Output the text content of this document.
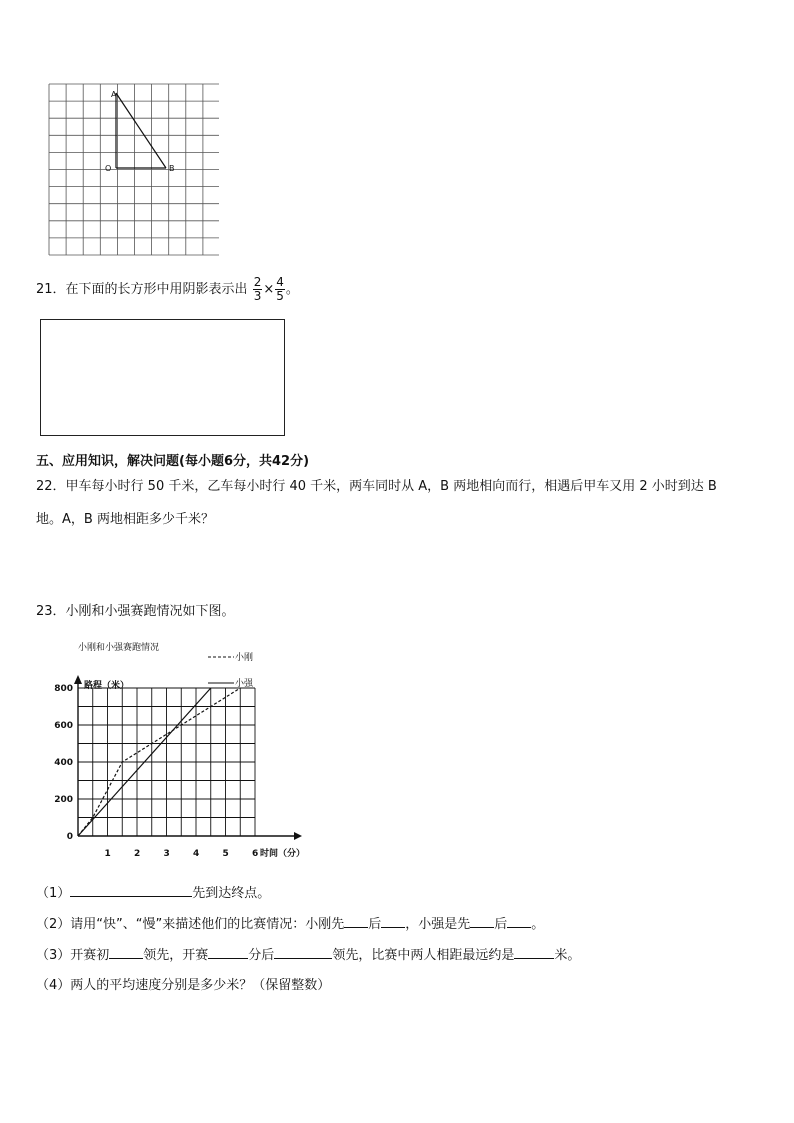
A
O	B
21．在下面的长方形中用阴影表示出 $\frac{2}{3} \times \frac{4}{5}$ 。
五、应用知识，解决问题(每小题6分，共42分)
22．甲车每小时行 50 千米，乙车每小时行 40 千米，两车同时从 A，B 两地相向而行，相遇后甲车又用 2 小时到达 B
地。A，B 两地相距多少千米？
23．小刚和小强赛跑情况如下图。
小刚和小强赛跑情况
小刚
小强
路程（米）
时间（分）
1	2	3	4	5	6
0
200
400
600
800
（1）	先到达终点。
（2）请用“快”、“慢”来描述他们的比赛情况：小刚先 后 ，小强是先 后 。
（3）开赛初	领先，开赛	分后	领先，比赛中两人相距最远约是	米。
（4）两人的平均速度分别是多少米？（保留整数）
